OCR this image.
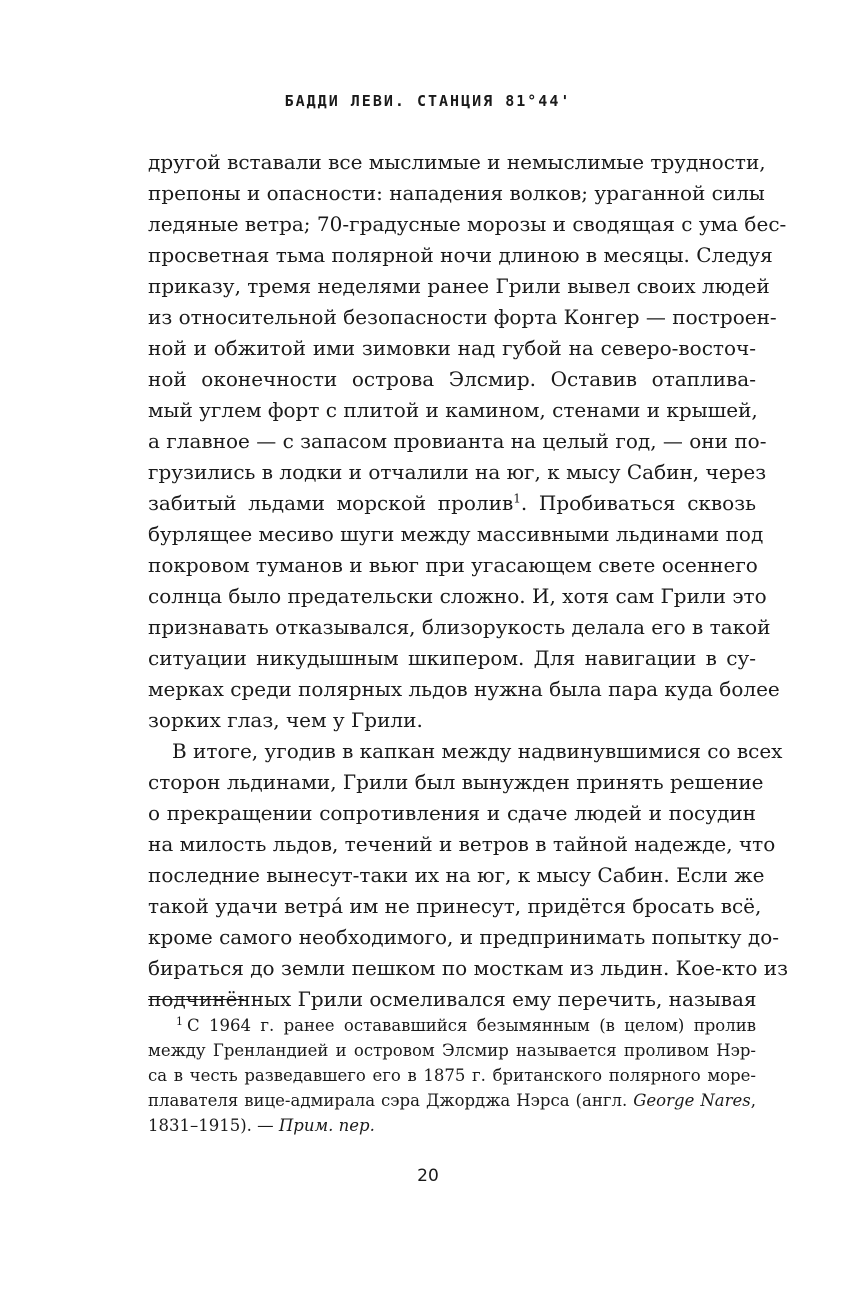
БАДДИ ЛЕВИ. СТАНЦИЯ 81°44'
другой вставали все мыслимые и немыслимые трудности,
препоны и опасности: нападения волков; ураганной силы
ледяные ветра; 70-градусные морозы и сводящая с ума бес-
просветная тьма полярной ночи длиною в месяцы. Следуя
приказу, тремя неделями ранее Грили вывел своих людей
из относительной безопасности форта Конгер — построен-
ной и обжитой ими зимовки над губой на северо-восточ-
ной оконечности острова Элсмир. Оставив отаплива-
мый углем форт с плитой и камином, стенами и крышей,
а главное — с запасом провианта на целый год, — они по-
грузились в лодки и отчалили на юг, к мысу Сабин, через
забитый льдами морской пролив$^1$. Пробиваться сквозь
бурлящее месиво шуги между массивными льдинами под
покровом туманов и вьюг при угасающем свете осеннего
солнца было предательски сложно. И, хотя сам Грили это
признавать отказывался, близорукость делала его в такой
ситуации никудышным шкипером. Для навигации в су-
мерках среди полярных льдов нужна была пара куда более
зорких глаз, чем у Грили.
В итоге, угодив в капкан между надвинувшимися со всех
сторон льдинами, Грили был вынужден принять решение
о прекращении сопротивления и сдаче людей и посудин
на милость льдов, течений и ветров в тайной надежде, что
последние вынесут-таки их на юг, к мысу Сабин. Если же
такой удачи ветрá им не принесут, придётся бросать всё,
кроме самого необходимого, и предпринимать попытку до-
бираться до земли пешком по мосткам из льдин. Кое-кто из
подчинённых Грили осмеливался ему перечить, называя
$^1$ С 1964 г. ранее остававшийся безымянным (в целом) пролив
между Гренландией и островом Элсмир называется проливом Нэр-
са в честь разведавшего его в 1875 г. британского полярного море-
плавателя вице-адмирала сэра Джорджа Нэрса (англ. George Nares,
1831–1915). — Прим. пер.
20
